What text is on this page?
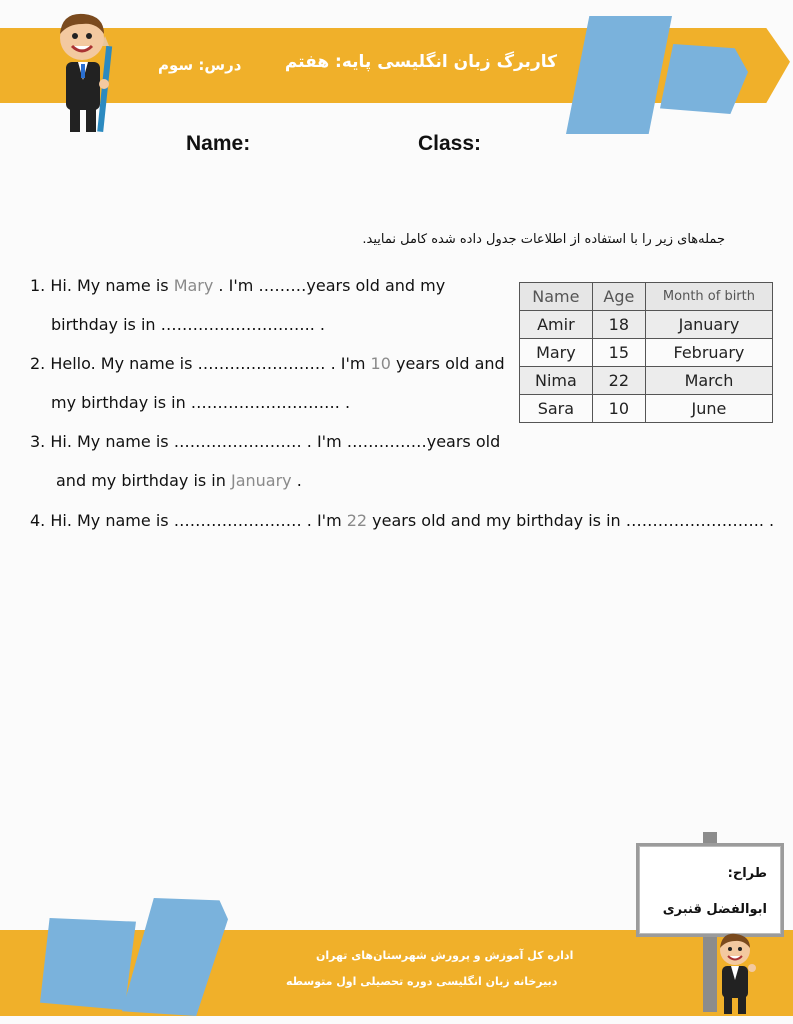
کاربرگ زبان انگلیسی پایه: هفتم
درس: سوم
Name:	Class:
جمله‌های زیر را با استفاده از اطلاعات جدول داده شده کامل نمایید.
1. Hi. My name is Mary . I'm ………years old and my
birthday is in ……………………….. .
2. Hello. My name is …………………… . I'm 10 years old and
my birthday is in ………………………. .
3. Hi. My name is …………………… . I'm ……………years old
and my birthday is in January .
4. Hi. My name is …………………… . I'm 22 years old and my birthday is in …………………….. .
Name	Age	Month of birth
Amir	18	January
Mary	15	February
Nima	22	March
Sara	10	June
اداره کل آموزش و پرورش شهرستان‌های تهران
دبیرخانه زبان انگلیسی دوره تحصیلی اول متوسطه
طراح:
ابوالفضل قنبری
